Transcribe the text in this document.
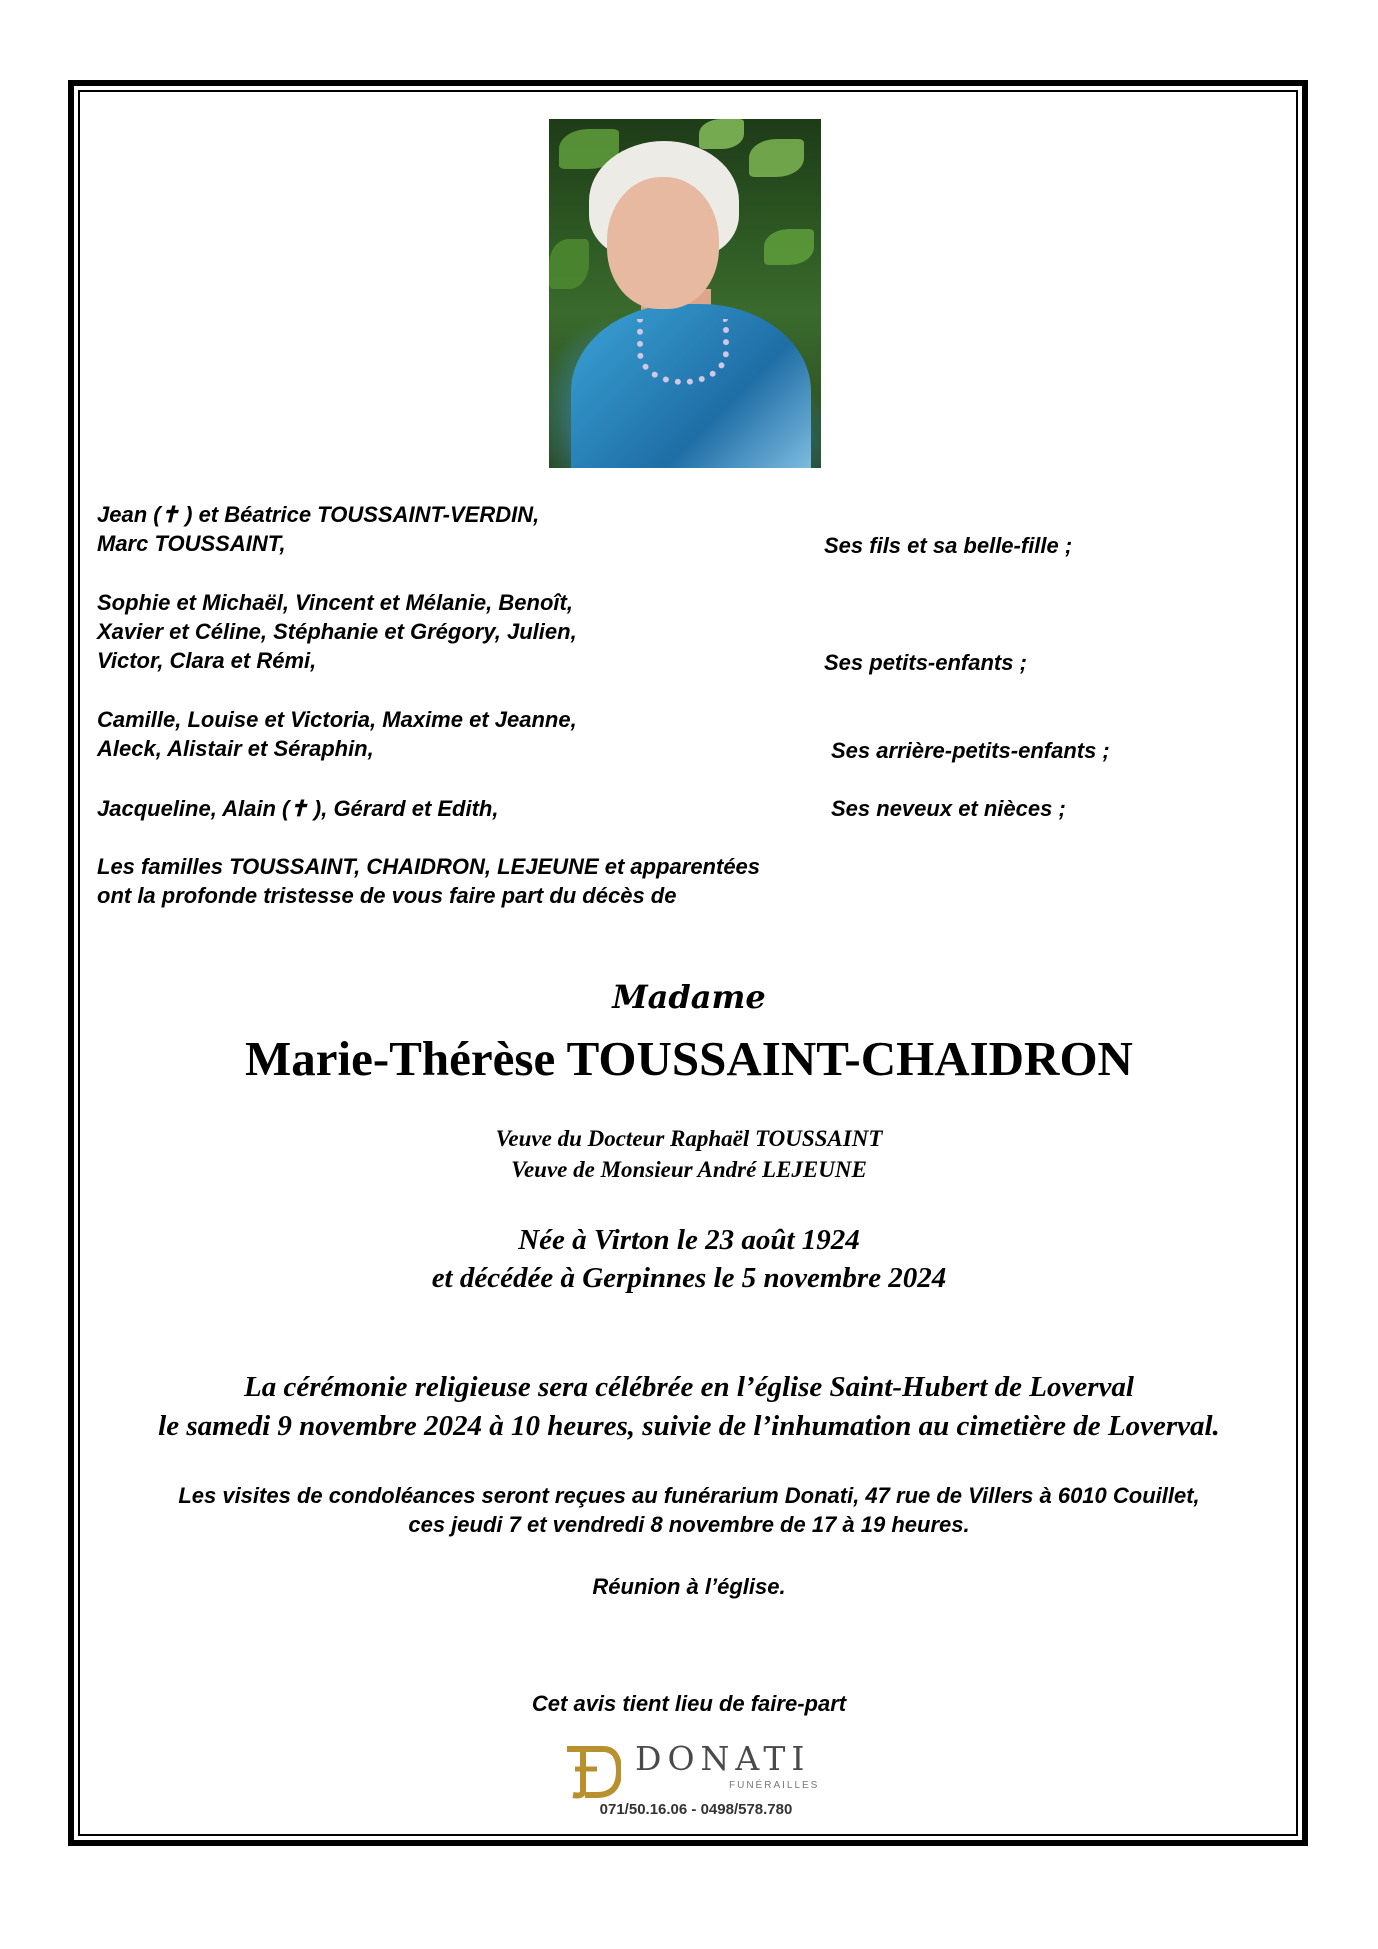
Jean (✝ ) et Béatrice TOUSSAINT-VERDIN,

Marc TOUSSAINT,	Ses fils et sa belle-fille ;

Sophie et Michaël, Vincent et Mélanie, Benoît,

Xavier et Céline, Stéphanie et Grégory, Julien,

Victor, Clara et Rémi,	Ses petits-enfants ;

Camille, Louise et Victoria, Maxime et Jeanne,

Aleck, Alistair et Séraphin,	Ses arrière-petits-enfants ;

Jacqueline, Alain (✝ ), Gérard et Edith,	Ses neveux et nièces ;

Les familles TOUSSAINT, CHAIDRON, LEJEUNE et apparentées

ont la profonde tristesse de vous faire part du décès de

Madame
Marie-Thérèse TOUSSAINT-CHAIDRON

Veuve du Docteur Raphaël TOUSSAINT

Veuve de Monsieur André LEJEUNE

Née à Virton le 23 août 1924

et décédée à Gerpinnes le 5 novembre 2024

La cérémonie religieuse sera célébrée en l’église Saint-Hubert de Loverval

le samedi 9 novembre 2024 à 10 heures, suivie de l’inhumation au cimetière de Loverval.

Les visites de condoléances seront reçues au funérarium Donati, 47 rue de Villers à 6010 Couillet,

ces jeudi 7 et vendredi 8 novembre de 17 à 19 heures.

Réunion à l’église.

Cet avis tient lieu de faire-part

DONATI
FUNÉRAILLES
071/50.16.06 - 0498/578.780
